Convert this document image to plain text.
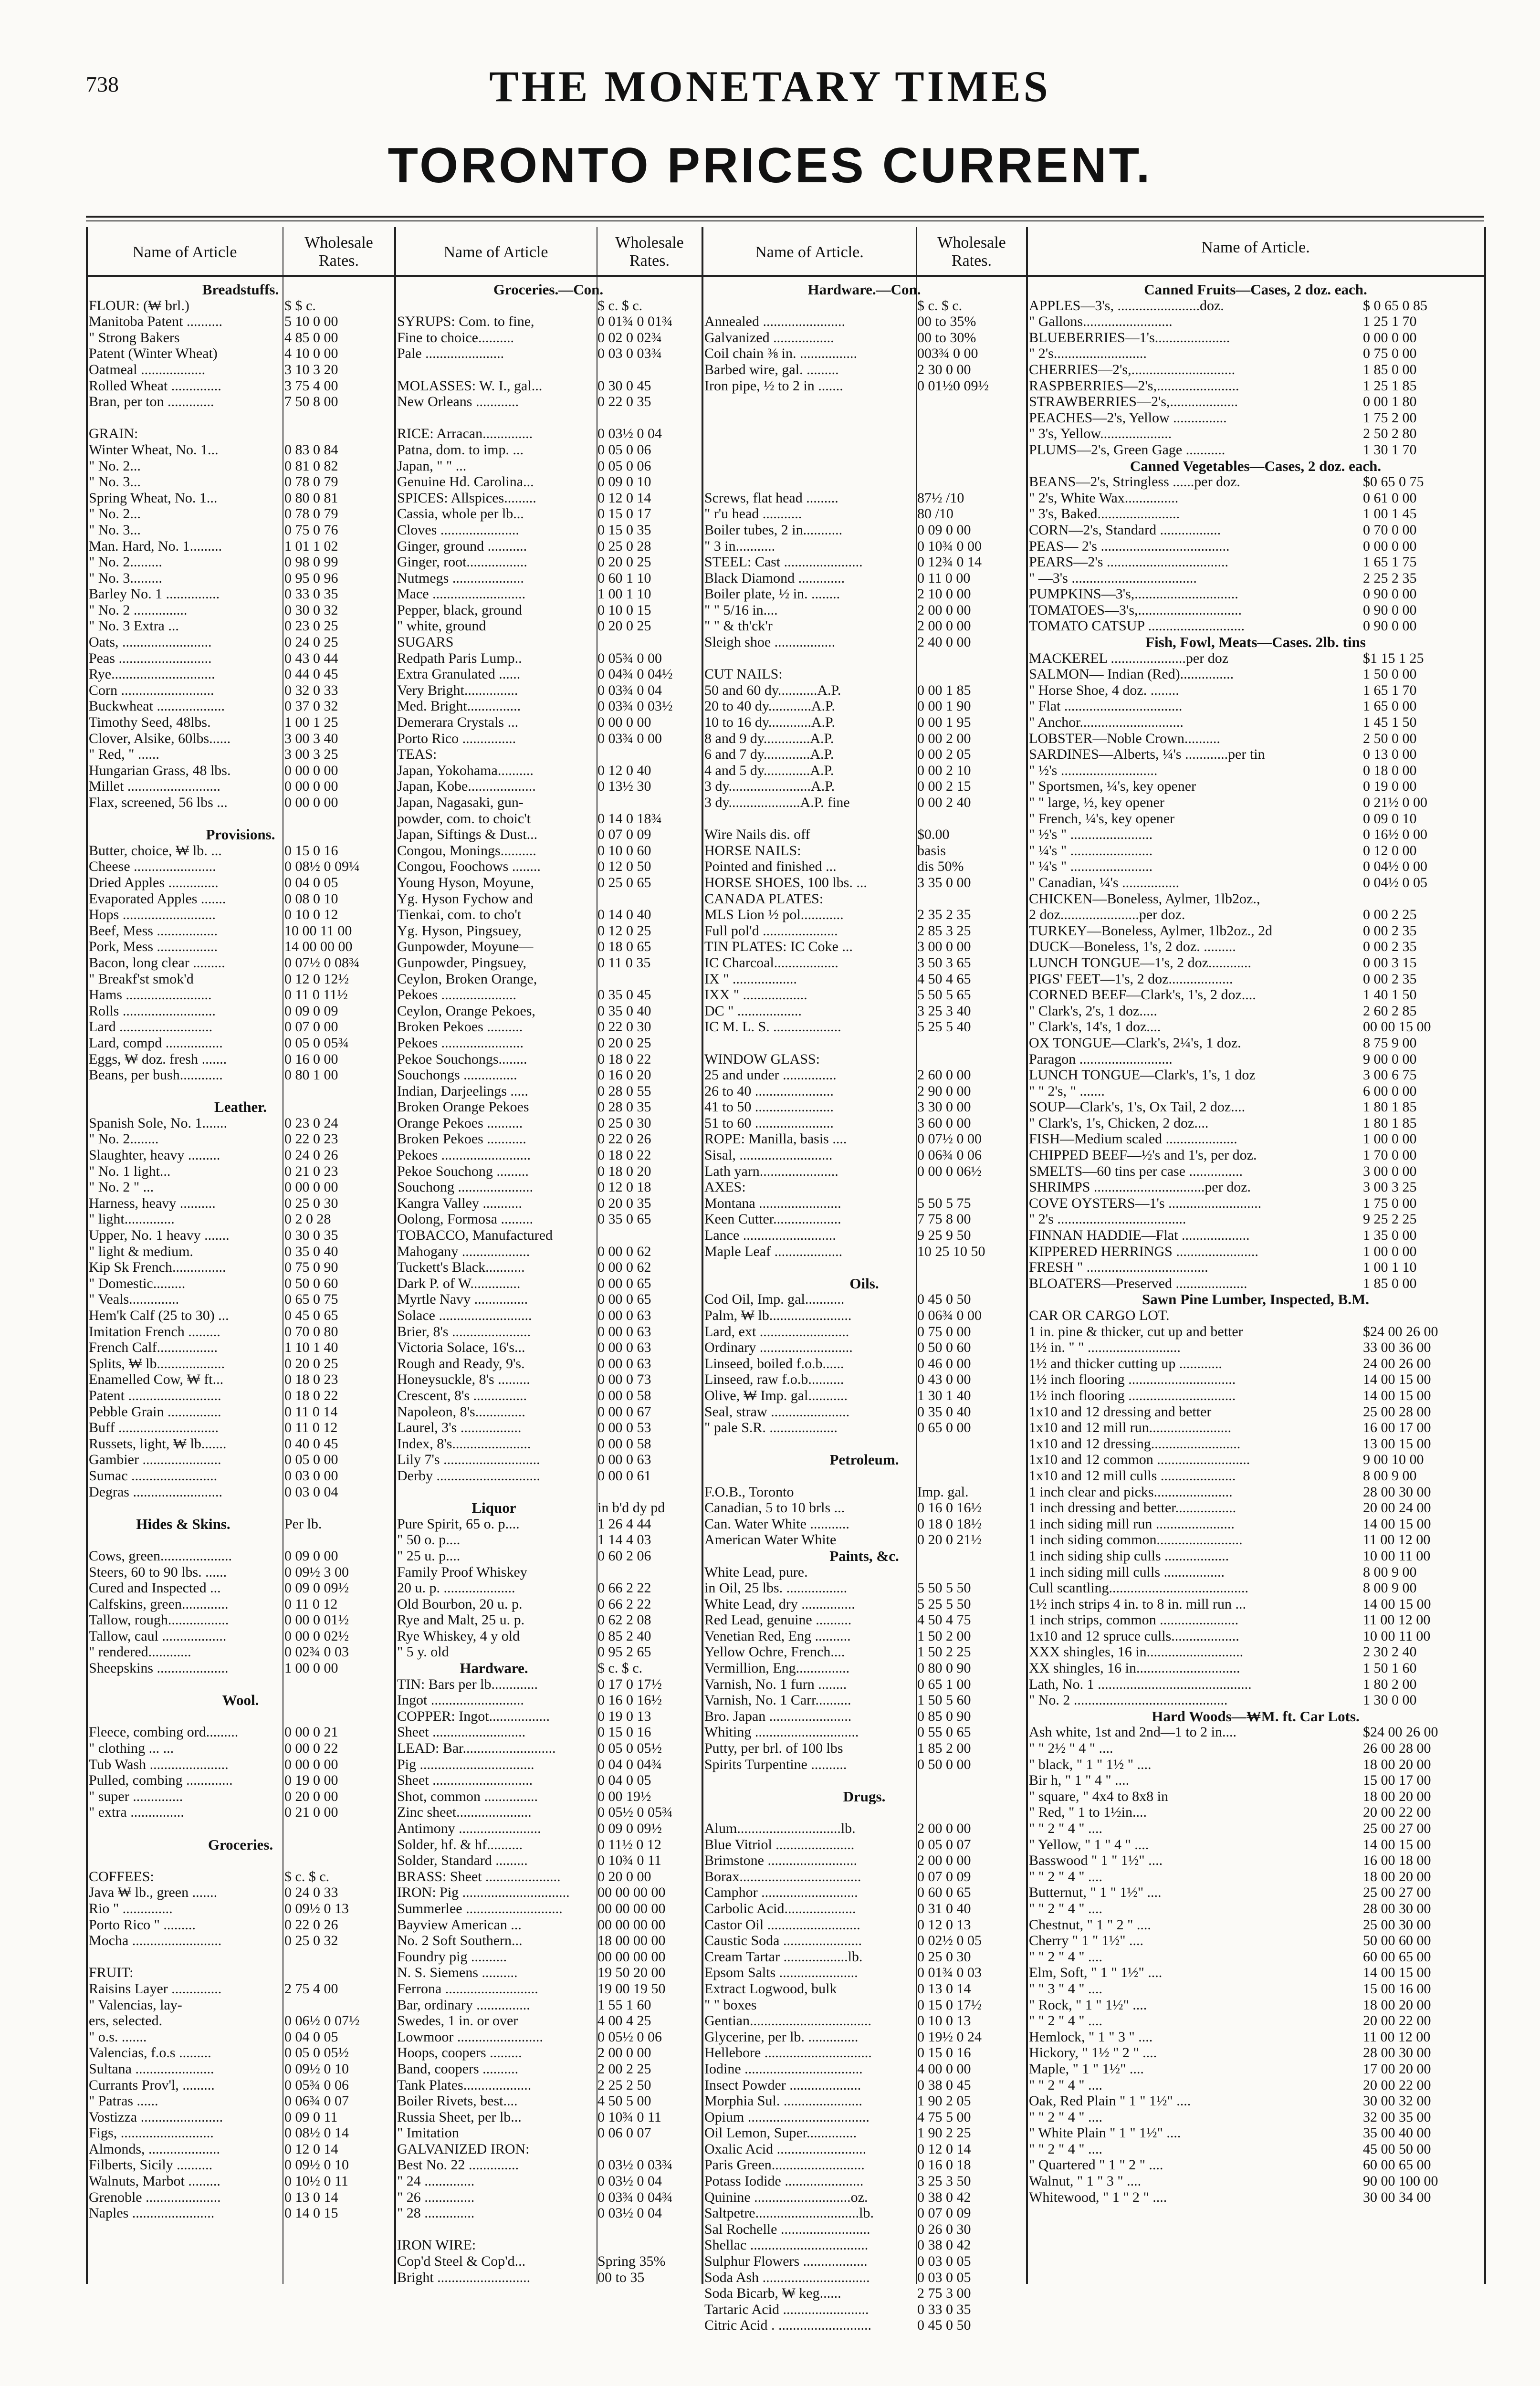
738	THE MONETARY TIMES
TORONTO PRICES CURRENT.
Name of Article
Wholesale Rates.	Name of Article
Wholesale Rates.	Name of Article.
Wholesale Rates.
Name of Article.
Breadstuffs.
FLOUR: (₩ brl.)	$ $ c.
Manitoba Patent ..........	5 10 0 00
" Strong Bakers	4 85 0 00
Patent (Winter Wheat)	4 10 0 00
Oatmeal ..................	3 10 3 20
Rolled Wheat ..............	3 75 4 00
Bran, per ton .............	7 50 8 00
GRAIN:
Winter Wheat, No. 1...	0 83 0 84
" No. 2...	0 81 0 82
" No. 3...	0 78 0 79
Spring Wheat, No. 1...	0 80 0 81
" No. 2...	0 78 0 79
" No. 3...	0 75 0 76
Man. Hard, No. 1.........	1 01 1 02
" No. 2.........	0 98 0 99
" No. 3.........	0 95 0 96
Barley No. 1 ...............	0 33 0 35
" No. 2 ...............	0 30 0 32
" No. 3 Extra ...	0 23 0 25
Oats, .........................	0 24 0 25
Peas ..........................	0 43 0 44
Rye.............................	0 44 0 45
Corn ..........................	0 32 0 33
Buckwheat ...................	0 37 0 32
Timothy Seed, 48lbs.	1 00 1 25
Clover, Alsike, 60lbs......	3 00 3 40
" Red, " ......	3 00 3 25
Hungarian Grass, 48 lbs.	0 00 0 00
Millet ..........................	0 00 0 00
Flax, screened, 56 lbs ...	0 00 0 00
Provisions.
Butter, choice, ₩ lb. ...	0 15 0 16
Cheese .......................	0 08½ 0 09¼
Dried Apples ..............	0 04 0 05
Evaporated Apples .......	0 08 0 10
Hops ..........................	0 10 0 12
Beef, Mess .................	10 00 11 00
Pork, Mess .................	14 00 00 00
Bacon, long clear .........	0 07½ 0 08¾
" Breakf'st smok'd	0 12 0 12½
Hams ........................	0 11 0 11½
Rolls ..........................	0 09 0 09
Lard ..........................	0 07 0 00
Lard, compd ................	0 05 0 05¾
Eggs, ₩ doz. fresh .......	0 16 0 00
Beans, per bush............	0 80 1 00
Leather.
Spanish Sole, No. 1.......	0 23 0 24
" No. 2........	0 22 0 23
Slaughter, heavy .........	0 24 0 26
" No. 1 light...	0 21 0 23
" No. 2 " ...	0 00 0 00
Harness, heavy ..........	0 25 0 30
" light..............	0 2 0 28
Upper, No. 1 heavy .......	0 30 0 35
" light & medium.	0 35 0 40
Kip Sk French...............	0 75 0 90
" Domestic.........	0 50 0 60
" Veals..............	0 65 0 75
Hem'k Calf (25 to 30) ...	0 45 0 65
Imitation French .........	0 70 0 80
French Calf.................	1 10 1 40
Splits, ₩ lb...................	0 20 0 25
Enamelled Cow, ₩ ft...	0 18 0 23
Patent ..........................	0 18 0 22
Pebble Grain ...............	0 11 0 14
Buff ............................	0 11 0 12
Russets, light, ₩ lb.......	0 40 0 45
Gambier ......................	0 05 0 00
Sumac ........................	0 03 0 00
Degras .........................	0 03 0 04
Hides & Skins.	Per lb.
Cows, green....................	0 09 0 00
Steers, 60 to 90 lbs. ......	0 09½ 3 00
Cured and Inspected ...	0 09 0 09½
Calfskins, green.............	0 11 0 12
Tallow, rough.................	0 00 0 01½
Tallow, caul ..................	0 00 0 02½
" rendered............	0 02¾ 0 03
Sheepskins ....................	1 00 0 00
Wool.
Fleece, combing ord.........	0 00 0 21
" clothing ... ...	0 00 0 22
Tub Wash ......................	0 00 0 00
Pulled, combing .............	0 19 0 00
" super ..............	0 20 0 00
" extra ...............	0 21 0 00
Groceries.
COFFEES:	$ c. $ c.
Java ₩ lb., green .......	0 24 0 33
Rio " ..............	0 09½ 0 13
Porto Rico " .........	0 22 0 26
Mocha .........................	0 25 0 32
FRUIT:
Raisins Layer ..............	2 75 4 00
" Valencias, lay-
ers, selected.	0 06½ 0 07½
" o.s. .......	0 04 0 05
Valencias, f.o.s .........	0 05 0 05½
Sultana ......................	0 09½ 0 10
Currants Prov'l, .........	0 05¾ 0 06
" Patras ......	0 06¾ 0 07
Vostizza .......................	0 09 0 11
Figs, ..........................	0 08½ 0 14
Almonds, ....................	0 12 0 14
Filberts, Sicily ..........	0 09½ 0 10
Walnuts, Marbot .........	0 10½ 0 11
Grenoble .....................	0 13 0 14
Naples .......................	0 14 0 15
Groceries.—Con.
$ c. $ c.
SYRUPS: Com. to fine,	0 01¾ 0 01¾
Fine to choice..........	0 02 0 02¾
Pale ......................	0 03 0 03¾
MOLASSES: W. I., gal...	0 30 0 45
New Orleans ............	0 22 0 35
RICE: Arracan..............	0 03½ 0 04
Patna, dom. to imp. ...	0 05 0 06
Japan, " " ...	0 05 0 06
Genuine Hd. Carolina...	0 09 0 10
SPICES: Allspices.........	0 12 0 14
Cassia, whole per lb...	0 15 0 17
Cloves ......................	0 15 0 35
Ginger, ground ...........	0 25 0 28
Ginger, root.................	0 20 0 25
Nutmegs ....................	0 60 1 10
Mace ..........................	1 00 1 10
Pepper, black, ground	0 10 0 15
" white, ground	0 20 0 25
SUGARS
Redpath Paris Lump..	0 05¾ 0 00
Extra Granulated ......	0 04¾ 0 04½
Very Bright...............	0 03¾ 0 04
Med. Bright...............	0 03¾ 0 03½
Demerara Crystals ...	0 00 0 00
Porto Rico ...............	0 03¾ 0 00
TEAS:
Japan, Yokohama..........	0 12 0 40
Japan, Kobe...................	0 13½ 30
Japan, Nagasaki, gun-
powder, com. to choic't	0 14 0 18¾
Japan, Siftings & Dust...	0 07 0 09
Congou, Monings..........	0 10 0 60
Congou, Foochows ........	0 12 0 50
Young Hyson, Moyune,	0 25 0 65
Yg. Hyson Fychow and
Tienkai, com. to cho't	0 14 0 40
Yg. Hyson, Pingsuey,	0 12 0 25
Gunpowder, Moyune—	0 18 0 65
Gunpowder, Pingsuey,	0 11 0 35
Ceylon, Broken Orange,
Pekoes .....................	0 35 0 45
Ceylon, Orange Pekoes,	0 35 0 40
Broken Pekoes ..........	0 22 0 30
Pekoes .......................	0 20 0 25
Pekoe Souchongs........	0 18 0 22
Souchongs ...............	0 16 0 20
Indian, Darjeelings .....	0 28 0 55
Broken Orange Pekoes	0 28 0 35
Orange Pekoes ..........	0 25 0 30
Broken Pekoes ...........	0 22 0 26
Pekoes .........................	0 18 0 22
Pekoe Souchong .........	0 18 0 20
Souchong .....................	0 12 0 18
Kangra Valley ...........	0 20 0 35
Oolong, Formosa .........	0 35 0 65
TOBACCO, Manufactured
Mahogany ...................	0 00 0 62
Tuckett's Black...........	0 00 0 62
Dark P. of W..............	0 00 0 65
Myrtle Navy ...............	0 00 0 65
Solace ..........................	0 00 0 63
Brier, 8's ......................	0 00 0 63
Victoria Solace, 16's...	0 00 0 63
Rough and Ready, 9's.	0 00 0 63
Honeysuckle, 8's .........	0 00 0 73
Crescent, 8's ...............	0 00 0 58
Napoleon, 8's..............	0 00 0 67
Laurel, 3's .................	0 00 0 53
Index, 8's......................	0 00 0 58
Lily 7's ...........................	0 00 0 63
Derby .............................	0 00 0 61
Liquor	in b'd dy pd
Pure Spirit, 65 o. p....	1 26 4 44
" 50 o. p....	1 14 4 03
" 25 u. p....	0 60 2 06
Family Proof Whiskey
20 u. p. ....................	0 66 2 22
Old Bourbon, 20 u. p.	0 66 2 22
Rye and Malt, 25 u. p.	0 62 2 08
Rye Whiskey, 4 y old	0 85 2 40
" 5 y. old	0 95 2 65
Hardware.	$ c. $ c.
TIN: Bars per lb.............	0 17 0 17½
Ingot ..........................	0 16 0 16½
COPPER: Ingot.................	0 19 0 13
Sheet ..........................	0 15 0 16
LEAD: Bar..........................	0 05 0 05½
Pig ................................	0 04 0 04¾
Sheet ............................	0 04 0 05
Shot, common ...............	0 00 19½
Zinc sheet.....................	0 05½ 0 05¾
Antimony .......................	0 09 0 09½
Solder, hf. & hf..........	0 11½ 0 12
Solder, Standard .........	0 10¾ 0 11
BRASS: Sheet .....................	0 20 0 00
IRON: Pig ..............................	00 00 00 00
Summerlee ...........................	00 00 00 00
Bayview American ...	00 00 00 00
No. 2 Soft Southern...	18 00 00 00
Foundry pig ..........	00 00 00 00
N. S. Siemens ..........	19 50 20 00
Ferrona ..........................	19 00 19 50
Bar, ordinary ...............	1 55 1 60
Swedes, 1 in. or over	4 00 4 25
Lowmoor ........................	0 05½ 0 06
Hoops, coopers .........	2 00 0 00
Band, coopers ..........	2 00 2 25
Tank Plates...................	2 25 2 50
Boiler Rivets, best....	4 50 5 00
Russia Sheet, per lb...	0 10¾ 0 11
" Imitation	0 06 0 07
GALVANIZED IRON:
Best No. 22 ..............	0 03½ 0 03¾
" 24 ..............	0 03½ 0 04
" 26 ..............	0 03¾ 0 04¾
" 28 ..............	0 03½ 0 04
IRON WIRE:
Cop'd Steel & Cop'd...	Spring 35%
Bright ..........................	00 to 35
Hardware.—Con.
$ c. $ c.
Annealed .......................	00 to 35%
Galvanized .................	00 to 30%
Coil chain ⅜ in. ................	003¾ 0 00
Barbed wire, gal. .........	2 30 0 00
Iron pipe, ½ to 2 in .......	0 01½0 09½
Screws, flat head .........	87½ /10
" r'u head ...........	80 /10
Boiler tubes, 2 in...........	0 09 0 00
" 3 in...........	0 10¾ 0 00
STEEL: Cast ......................	0 12¾ 0 14
Black Diamond .............	0 11 0 00
Boiler plate, ½ in. ........	2 10 0 00
" " 5/16 in....	2 00 0 00
" " & th'ck'r	2 00 0 00
Sleigh shoe .................	2 40 0 00
CUT NAILS:
50 and 60 dy...........A.P.	0 00 1 85
20 to 40 dy............A.P.	0 00 1 90
10 to 16 dy............A.P.	0 00 1 95
8 and 9 dy.............A.P.	0 00 2 00
6 and 7 dy.............A.P.	0 00 2 05
4 and 5 dy.............A.P.	0 00 2 10
3 dy.......................A.P.	0 00 2 15
3 dy....................A.P. fine	0 00 2 40
Wire Nails dis. off	$0.00
HORSE NAILS:	basis
Pointed and finished ...	dis 50%
HORSE SHOES, 100 lbs. ...	3 35 0 00
CANADA PLATES:
MLS Lion ½ pol............	2 35 2 35
Full pol'd .....................	2 85 3 25
TIN PLATES: IC Coke ...	3 00 0 00
IC Charcoal..................	3 50 3 65
IX " ..................	4 50 4 65
IXX " ..................	5 50 5 65
DC " ..................	3 25 3 40
IC M. L. S. ...................	5 25 5 40
WINDOW GLASS:
25 and under ...............	2 60 0 00
26 to 40 ......................	2 90 0 00
41 to 50 ......................	3 30 0 00
51 to 60 ......................	3 60 0 00
ROPE: Manilla, basis ....	0 07½ 0 00
Sisal, ..........................	0 06¾ 0 06
Lath yarn......................	0 00 0 06½
AXES:
Montana .......................	5 50 5 75
Keen Cutter...................	7 75 8 00
Lance ..........................	9 25 9 50
Maple Leaf ...................	10 25 10 50
Oils.
Cod Oil, Imp. gal...........	0 45 0 50
Palm, ₩ lb.......................	0 06¾ 0 00
Lard, ext .........................	0 75 0 00
Ordinary ..........................	0 50 0 60
Linseed, boiled f.o.b......	0 46 0 00
Linseed, raw f.o.b..........	0 43 0 00
Olive, ₩ Imp. gal...........	1 30 1 40
Seal, straw ......................	0 35 0 40
" pale S.R. ...................	0 65 0 00
Petroleum.
F.O.B., Toronto	Imp. gal.
Canadian, 5 to 10 brls ...	0 16 0 16½
Can. Water White ...........	0 18 0 18½
American Water White	0 20 0 21½
Paints, &c.
White Lead, pure.
in Oil, 25 lbs. .................	5 50 5 50
White Lead, dry ...............	5 25 5 50
Red Lead, genuine ..........	4 50 4 75
Venetian Red, Eng ..........	1 50 2 00
Yellow Ochre, French....	1 50 2 25
Vermillion, Eng...............	0 80 0 90
Varnish, No. 1 furn ........	0 65 1 00
Varnish, No. 1 Carr..........	1 50 5 60
Bro. Japan .......................	0 85 0 90
Whiting .............................	0 55 0 65
Putty, per brl. of 100 lbs	1 85 2 00
Spirits Turpentine ..........	0 50 0 00
Drugs.
Alum.............................lb.	2 00 0 00
Blue Vitriol ......................	0 05 0 07
Brimstone .........................	2 00 0 00
Borax..................................	0 07 0 09
Camphor ...........................	0 60 0 65
Carbolic Acid....................	0 31 0 40
Castor Oil ..........................	0 12 0 13
Caustic Soda ......................	0 02½ 0 05
Cream Tartar ..................lb.	0 25 0 30
Epsom Salts ......................	0 01¾ 0 03
Extract Logwood, bulk	0 13 0 14
" " boxes	0 15 0 17½
Gentian..................................	0 10 0 13
Glycerine, per lb. ..............	0 19½ 0 24
Hellebore ..............................	0 15 0 16
Iodine .................................	4 00 0 00
Insect Powder ....................	0 38 0 45
Morphia Sul. ......................	1 90 2 05
Opium ..................................	4 75 5 00
Oil Lemon, Super..............	1 90 2 25
Oxalic Acid .........................	0 12 0 14
Paris Green..........................	0 16 0 18
Potass Iodide ......................	3 25 3 50
Quinine ...........................oz.	0 38 0 42
Saltpetre.............................lb.	0 07 0 09
Sal Rochelle .........................	0 26 0 30
Shellac .................................	0 38 0 42
Sulphur Flowers ..................	0 03 0 05
Soda Ash ..............................	0 03 0 05
Soda Bicarb, ₩ keg......	2 75 3 00
Tartaric Acid ........................	0 33 0 35
Citric Acid . ..........................	0 45 0 50
Canned Fruits—Cases, 2 doz. each.
APPLES—3's, .......................doz.	$ 0 65 0 85
" Gallons.........................	1 25 1 70
BLUEBERRIES—1's.....................	0 00 0 00
" 2's..........................	0 75 0 00
CHERRIES—2's,.............................	1 85 0 00
RASPBERRIES—2's,.......................	1 25 1 85
STRAWBERRIES—2's,...................	0 00 1 80
PEACHES—2's, Yellow ...............	1 75 2 00
" 3's, Yellow....................	2 50 2 80
PLUMS—2's, Green Gage ...........	1 30 1 70
Canned Vegetables—Cases, 2 doz. each.
BEANS—2's, Stringless ......per doz.	$0 65 0 75
" 2's, White Wax...............	0 61 0 00
" 3's, Baked.......................	1 00 1 45
CORN—2's, Standard .................	0 70 0 00
PEAS— 2's ....................................	0 00 0 00
PEARS—2's ..................................	1 65 1 75
" —3's ...................................	2 25 2 35
PUMPKINS—3's,.............................	0 90 0 00
TOMATOES—3's,.............................	0 90 0 00
TOMATO CATSUP ...........................	0 90 0 00
Fish, Fowl, Meats—Cases. 2lb. tins
MACKEREL .....................per doz	$1 15 1 25
SALMON— Indian (Red)...............	1 50 0 00
" Horse Shoe, 4 doz. ........	1 65 1 70
" Flat .................................	1 65 0 00
" Anchor.............................	1 45 1 50
LOBSTER—Noble Crown..........	2 50 0 00
SARDINES—Alberts, ¼'s ............per tin	0 13 0 00
" ½'s ...........................	0 18 0 00
" Sportsmen, ¼'s, key opener	0 19 0 00
" " large, ½, key opener	0 21½ 0 00
" French, ¼'s, key opener	0 09 0 10
" ½'s " .......................	0 16½ 0 00
" ¼'s " .......................	0 12 0 00
" ¼'s " .......................	0 04½ 0 00
" Canadian, ¼'s ................	0 04½ 0 05
CHICKEN—Boneless, Aylmer, 1lb2oz.,
2 doz......................per doz.	0 00 2 25
TURKEY—Boneless, Aylmer, 1lb2oz., 2d	0 00 2 35
DUCK—Boneless, 1's, 2 doz. .........	0 00 2 35
LUNCH TONGUE—1's, 2 doz............	0 00 3 15
PIGS' FEET—1's, 2 doz..................	0 00 2 35
CORNED BEEF—Clark's, 1's, 2 doz....	1 40 1 50
" Clark's, 2's, 1 doz.....	2 60 2 85
" Clark's, 14's, 1 doz....	00 00 15 00
OX TONGUE—Clark's, 2¼'s, 1 doz.	8 75 9 00
Paragon ..........................	9 00 0 00
LUNCH TONGUE—Clark's, 1's, 1 doz	3 00 6 75
" " 2's, " .......	6 00 0 00
SOUP—Clark's, 1's, Ox Tail, 2 doz....	1 80 1 85
" Clark's, 1's, Chicken, 2 doz....	1 80 1 85
FISH—Medium scaled ....................	1 00 0 00
CHIPPED BEEF—½'s and 1's, per doz.	1 70 0 00
SMELTS—60 tins per case ...............	3 00 0 00
SHRIMPS ...............................per doz.	3 00 3 25
COVE OYSTERS—1's ..........................	1 75 0 00
" 2's ....................................	9 25 2 25
FINNAN HADDIE—Flat ...................	1 35 0 00
KIPPERED HERRINGS .......................	1 00 0 00
FRESH " ..................................	1 00 1 10
BLOATERS—Preserved ....................	1 85 0 00
Sawn Pine Lumber, Inspected, B.M.
CAR OR CARGO LOT.
1 in. pine & thicker, cut up and better	$24 00 26 00
1½ in. " " ..........................	33 00 36 00
1½ and thicker cutting up ............	24 00 26 00
1½ inch flooring ..............................	14 00 15 00
1½ inch flooring ..............................	14 00 15 00
1x10 and 12 dressing and better	25 00 28 00
1x10 and 12 mill run.......................	16 00 17 00
1x10 and 12 dressing.........................	13 00 15 00
1x10 and 12 common ..........................	9 00 10 00
1x10 and 12 mill culls .....................	8 00 9 00
1 inch clear and picks......................	28 00 30 00
1 inch dressing and better.................	20 00 24 00
1 inch siding mill run ......................	14 00 15 00
1 inch siding common........................	11 00 12 00
1 inch siding ship culls ..................	10 00 11 00
1 inch siding mill culls .................	8 00 9 00
Cull scantling.......................................	8 00 9 00
1½ inch strips 4 in. to 8 in. mill run ...	14 00 15 00
1 inch strips, common ......................	11 00 12 00
1x10 and 12 spruce culls...................	10 00 11 00
XXX shingles, 16 in...........................	2 30 2 40
XX shingles, 16 in.............................	1 50 1 60
Lath, No. 1 ...........................................	1 80 2 00
" No. 2 ...........................................	1 30 0 00
Hard Woods—₩M. ft. Car Lots.
Ash white, 1st and 2nd—1 to 2 in....	$24 00 26 00
" " 2½ " 4 " ....	26 00 28 00
" black, " 1 " 1½ " ....	18 00 20 00
Bir h, " 1 " 4 " ....	15 00 17 00
" square, " 4x4 to 8x8 in	18 00 20 00
" Red, " 1 to 1½in....	20 00 22 00
" " 2 " 4 " ....	25 00 27 00
" Yellow, " 1 " 4 " ....	14 00 15 00
Basswood " 1 " 1½" ....	16 00 18 00
" " 2 " 4 " ....	18 00 20 00
Butternut, " 1 " 1½" ....	25 00 27 00
" " 2 " 4 " ....	28 00 30 00
Chestnut, " 1 " 2 " ....	25 00 30 00
Cherry " 1 " 1½" ....	50 00 60 00
" " 2 " 4 " ....	60 00 65 00
Elm, Soft, " 1 " 1½" ....	14 00 15 00
" " 3 " 4 " ....	15 00 16 00
" Rock, " 1 " 1½" ....	18 00 20 00
" " 2 " 4 " ....	20 00 22 00
Hemlock, " 1 " 3 " ....	11 00 12 00
Hickory, " 1½ " 2 " ....	28 00 30 00
Maple, " 1 " 1½" ....	17 00 20 00
" " 2 " 4 " ....	20 00 22 00
Oak, Red Plain " 1 " 1½" ....	30 00 32 00
" " 2 " 4 " ....	32 00 35 00
" White Plain " 1 " 1½" ....	35 00 40 00
" " 2 " 4 " ....	45 00 50 00
" Quartered " 1 " 2 " ....	60 00 65 00
Walnut, " 1 " 3 " ....	90 00 100 00
Whitewood, " 1 " 2 " ....	30 00 34 00
